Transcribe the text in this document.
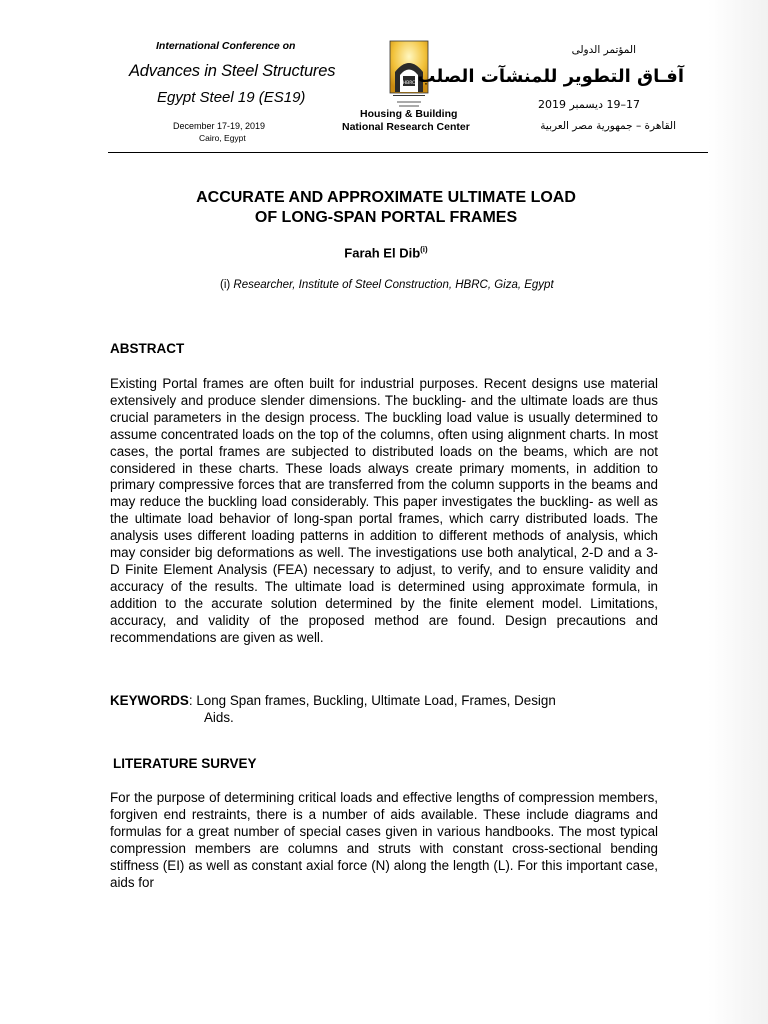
International Conference on
Advances in Steel Structures
Egypt Steel 19 (ES19)
December 17-19, 2019
Cairo, Egypt
HBRC
Housing & Building
National Research Center
المؤتمر الدولى
آفـاق التطوير للمنشآت الصلب
17–19 ديسمبر 2019
القاهرة – جمهورية مصر العربية
ACCURATE AND APPROXIMATE ULTIMATE LOAD
OF LONG-SPAN PORTAL FRAMES
Farah El Dib$^{(i)}$
(i) Researcher, Institute of Steel Construction, HBRC, Giza, Egypt
ABSTRACT
Existing Portal frames are often built for industrial purposes. Recent designs use material extensively and produce slender dimensions. The buckling- and the ultimate loads are thus crucial parameters in the design process. The buckling load value is usually determined to assume concentrated loads on the top of the columns, often using alignment charts. In most cases, the portal frames are subjected to distributed loads on the beams, which are not considered in these charts. These loads always create primary moments, in addition to primary compressive forces that are transferred from the column supports in the beams and may reduce the buckling load considerably. This paper investigates the buckling- as well as the ultimate load behavior of long-span portal frames, which carry distributed loads. The analysis uses different loading patterns in addition to different methods of analysis, which may consider big deformations as well. The investigations use both analytical, 2-D and a 3-D Finite Element Analysis (FEA) necessary to adjust, to verify, and to ensure validity and accuracy of the results. The ultimate load is determined using approximate formula, in addition to the accurate solution determined by the finite element model. Limitations, accuracy, and validity of the proposed method are found. Design precautions and recommendations are given as well.
KEYWORDS: Long Span frames, Buckling, Ultimate Load, Frames, Design
Aids.
LITERATURE SURVEY
For the purpose of determining critical loads and effective lengths of compression members, forgiven end restraints, there is a number of aids available. These include diagrams and formulas for a great number of special cases given in various handbooks. The most typical compression members are columns and struts with constant cross-sectional bending stiffness (EI) as well as constant axial force (N) along the length (L). For this important case, aids for
